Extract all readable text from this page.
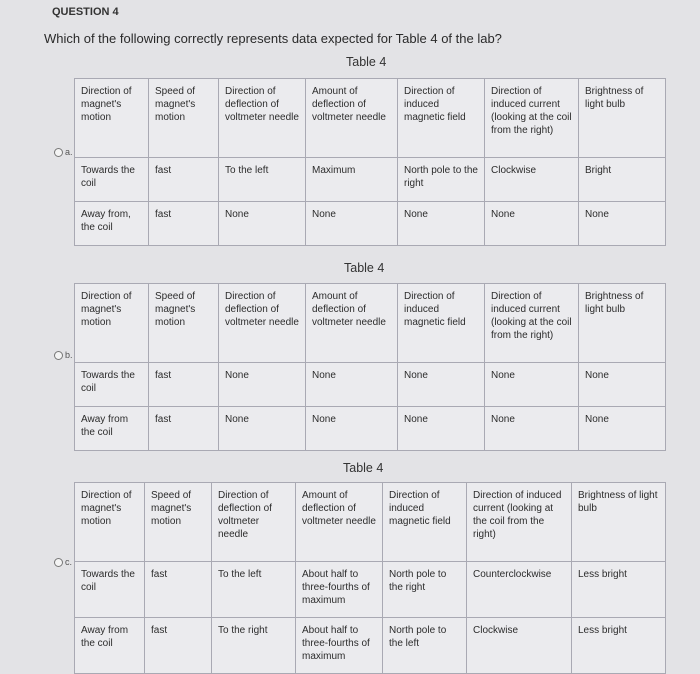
QUESTION 4
Which of the following correctly represents data expected for Table 4 of the lab?
Table 4
a.
Direction of magnet's motion	Speed of magnet's motion	Direction of deflection of voltmeter needle	Amount of deflection of voltmeter needle	Direction of induced magnetic field	Direction of induced current (looking at the coil from the right)	Brightness of light bulb
Towards the coil	fast	To the left	Maximum	North pole to the right	Clockwise	Bright
Away from, the coil	fast	None	None	None	None	None
Table 4
b.
Direction of magnet's motion	Speed of magnet's motion	Direction of deflection of voltmeter needle	Amount of deflection of voltmeter needle	Direction of induced magnetic field	Direction of induced current (looking at the coil from the right)	Brightness of light bulb
Towards the coil	fast	None	None	None	None	None
Away from the coil	fast	None	None	None	None	None
Table 4
c.
Direction of magnet's motion	Speed of magnet's motion	Direction of deflection of voltmeter needle	Amount of deflection of voltmeter needle	Direction of induced magnetic field	Direction of induced current (looking at the coil from the right)	Brightness of light bulb
Towards the coil	fast	To the left	About half to three-fourths of maximum	North pole to the right	Counterclockwise	Less bright
Away from the coil	fast	To the right	About half to three-fourths of maximum	North pole to the left	Clockwise	Less bright
